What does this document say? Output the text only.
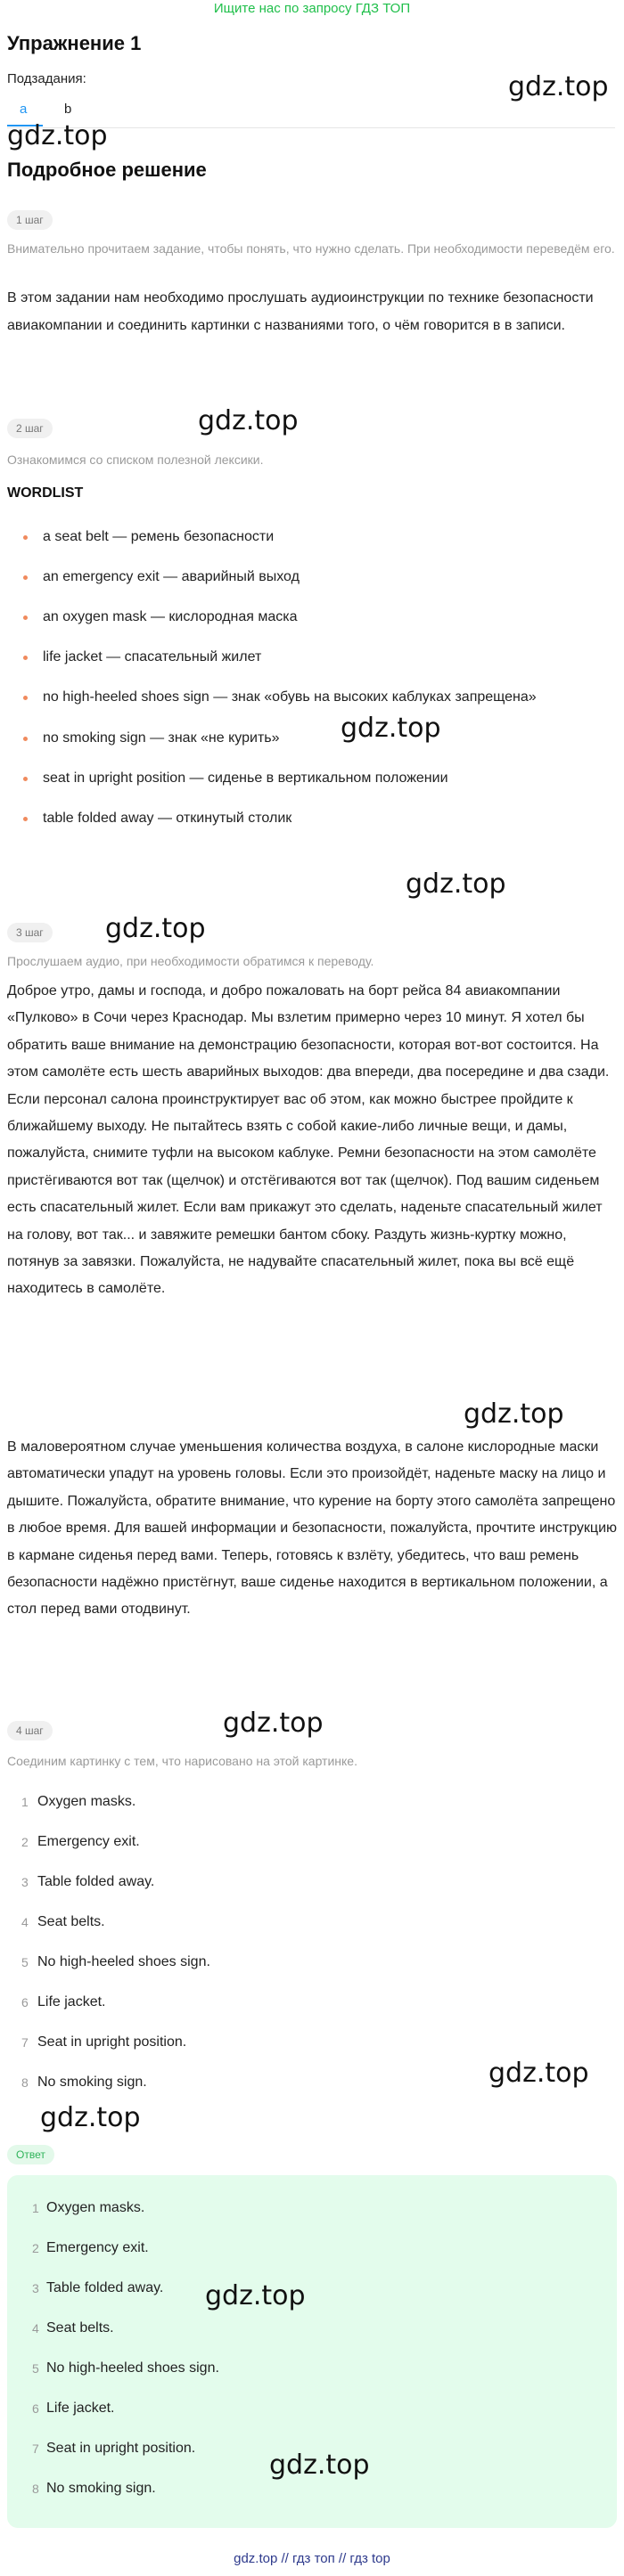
Ищите нас по запросу ГДЗ ТОП
Упражнение 1
Подзадания:
a	b
Подробное решение
1 шаг
Внимательно прочитаем задание, чтобы понять, что нужно сделать. При необходимости переведём его.
В этом задании нам необходимо прослушать аудиоинструкции по технике безопасности авиакомпании и соединить картинки с названиями того, о чём говорится в в записи.
2 шаг
Ознакомимся со списком полезной лексики.
WORDLIST
a seat belt — ремень безопасности
an emergency exit — аварийный выход
an oxygen mask — кислородная маска
life jacket — спасательный жилет
no high-heeled shoes sign — знак «обувь на высоких каблуках запрещена»
no smoking sign — знак «не курить»
seat in upright position — сиденье в вертикальном положении
table folded away — откинутый столик
3 шаг
Прослушаем аудио, при необходимости обратимся к переводу.
Доброе утро, дамы и господа, и добро пожаловать на борт рейса 84 авиакомпании «Пулково» в Сочи через Краснодар. Мы взлетим примерно через 10 минут. Я хотел бы обратить ваше внимание на демонстрацию безопасности, которая вот-вот состоится. На этом самолёте есть шесть аварийных выходов: два впереди, два посередине и два сзади. Если персонал салона проинструктирует вас об этом, как можно быстрее пройдите к ближайшему выходу. Не пытайтесь взять с собой какие-либо личные вещи, и дамы, пожалуйста, снимите туфли на высоком каблуке. Ремни безопасности на этом самолёте пристёгиваются вот так (щелчок) и отстёгиваются вот так (щелчок). Под вашим сиденьем есть спасательный жилет. Если вам прикажут это сделать, наденьте спасательный жилет на голову, вот так... и завяжите ремешки бантом сбоку. Раздуть жизнь-куртку можно, потянув за завязки. Пожалуйста, не надувайте спасательный жилет, пока вы всё ещё находитесь в самолёте.
В маловероятном случае уменьшения количества воздуха, в салоне кислородные маски автоматически упадут на уровень головы. Если это произойдёт, наденьте маску на лицо и дышите. Пожалуйста, обратите внимание, что курение на борту этого самолёта запрещено в любое время. Для вашей информации и безопасности, пожалуйста, прочтите инструкцию в кармане сиденья перед вами. Теперь, готовясь к взлёту, убедитесь, что ваш ремень безопасности надёжно пристёгнут, ваше сиденье находится в вертикальном положении, а стол перед вами отодвинут.
4 шаг
Соединим картинку с тем, что нарисовано на этой картинке.
1 Oxygen masks.
2 Emergency exit.
3 Table folded away.
4 Seat belts.
5 No high-heeled shoes sign.
6 Life jacket.
7 Seat in upright position.
8 No smoking sign.
Ответ
1 Oxygen masks.
2 Emergency exit.
3 Table folded away.
4 Seat belts.
5 No high-heeled shoes sign.
6 Life jacket.
7 Seat in upright position.
8 No smoking sign.
gdz.top // гдз топ // гдз top
gdz.top
gdz.top
gdz.top
gdz.top
gdz.top
gdz.top
gdz.top
gdz.top
gdz.top
gdz.top
gdz.top
gdz.top
